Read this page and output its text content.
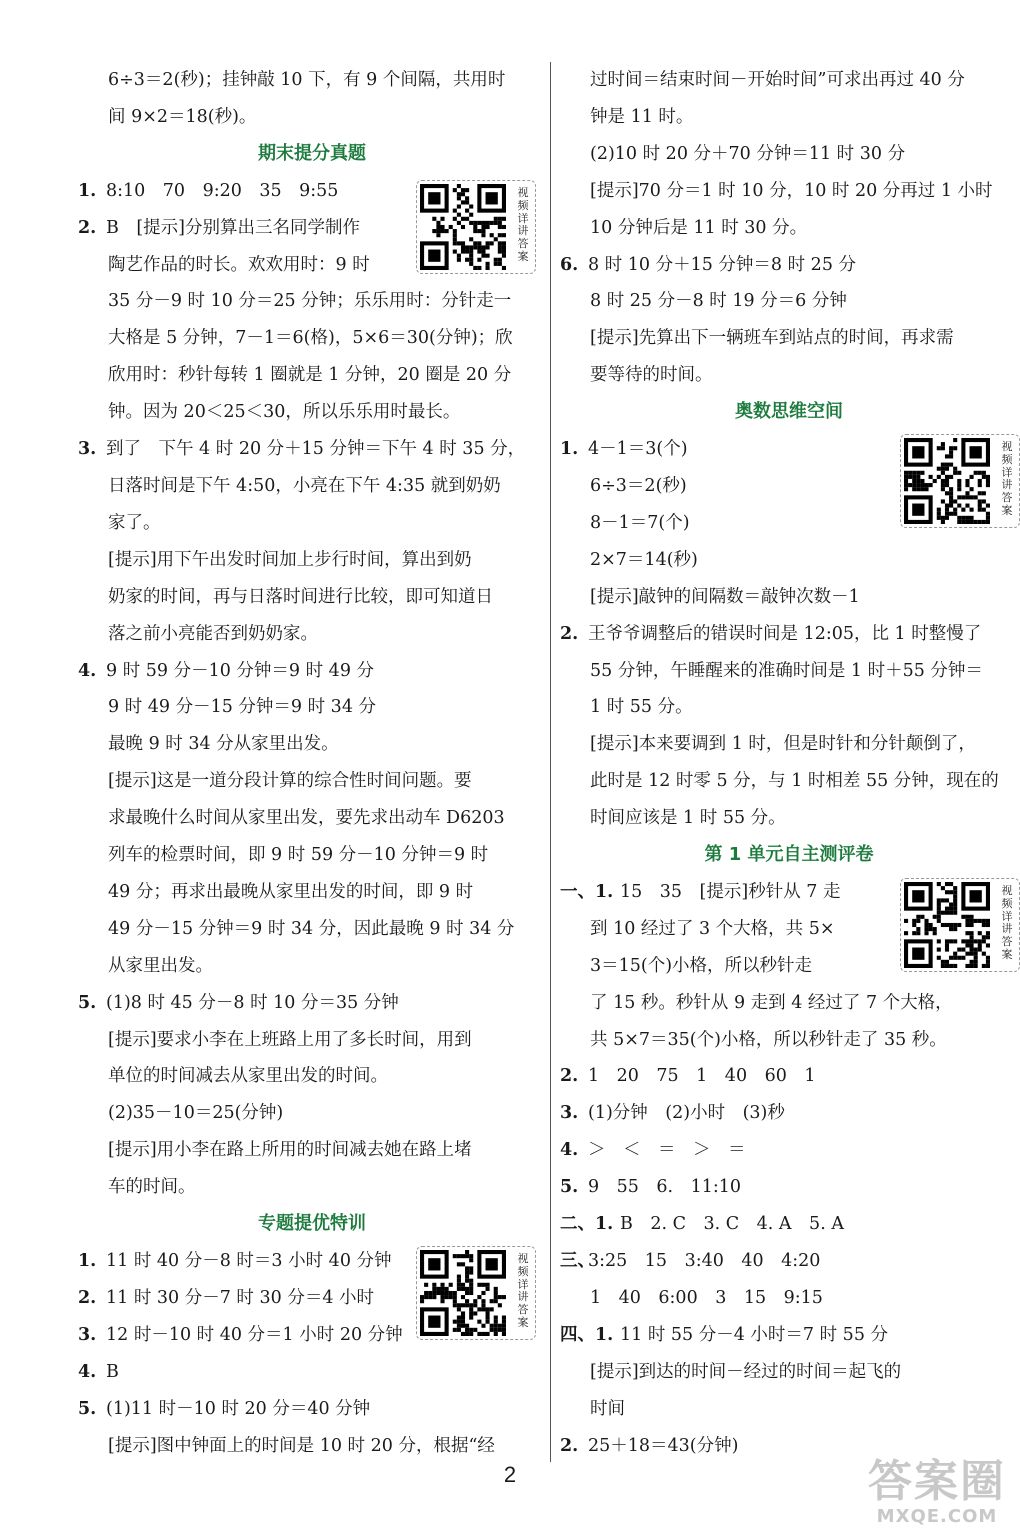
6÷3＝2(秒)；挂钟敲 10 下，有 9 个间隔，共用时
间 9×2＝18(秒)。
期末提分真题
1. 8:10　70　9:20　35　9:55
2. B　[提示]分别算出三名同学制作
陶艺作品的时长。欢欢用时：9 时
35 分－9 时 10 分＝25 分钟；乐乐用时：分针走一
大格是 5 分钟，7－1＝6(格)，5×6＝30(分钟)；欣
欣用时：秒针每转 1 圈就是 1 分钟，20 圈是 20 分
钟。因为 20＜25＜30，所以乐乐用时最长。
3. 到了　下午 4 时 20 分＋15 分钟＝下午 4 时 35 分，
日落时间是下午 4:50，小亮在下午 4:35 就到奶奶
家了。
[提示]用下午出发时间加上步行时间，算出到奶
奶家的时间，再与日落时间进行比较，即可知道日
落之前小亮能否到奶奶家。
4. 9 时 59 分－10 分钟＝9 时 49 分
9 时 49 分－15 分钟＝9 时 34 分
最晚 9 时 34 分从家里出发。
[提示]这是一道分段计算的综合性时间问题。要
求最晚什么时间从家里出发，要先求出动车 D6203
列车的检票时间，即 9 时 59 分－10 分钟＝9 时
49 分；再求出最晚从家里出发的时间，即 9 时
49 分－15 分钟＝9 时 34 分，因此最晚 9 时 34 分
从家里出发。
5. (1)8 时 45 分－8 时 10 分＝35 分钟
[提示]要求小李在上班路上用了多长时间，用到
单位的时间减去从家里出发的时间。
(2)35－10＝25(分钟)
[提示]用小李在路上所用的时间减去她在路上堵
车的时间。
专题提优特训
1. 11 时 40 分－8 时＝3 小时 40 分钟
2. 11 时 30 分－7 时 30 分＝4 小时
3. 12 时－10 时 40 分＝1 小时 20 分钟
4. B
5. (1)11 时－10 时 20 分＝40 分钟
[提示]图中钟面上的时间是 10 时 20 分，根据“经
过时间＝结束时间－开始时间”可求出再过 40 分
钟是 11 时。
(2)10 时 20 分＋70 分钟＝11 时 30 分
[提示]70 分＝1 时 10 分，10 时 20 分再过 1 小时
10 分钟后是 11 时 30 分。
6. 8 时 10 分＋15 分钟＝8 时 25 分
8 时 25 分－8 时 19 分＝6 分钟
[提示]先算出下一辆班车到站点的时间，再求需
要等待的时间。
奥数思维空间
1. 4－1＝3(个)
6÷3＝2(秒)
8－1＝7(个)
2×7＝14(秒)
[提示]敲钟的间隔数＝敲钟次数－1
2. 王爷爷调整后的错误时间是 12:05，比 1 时整慢了
55 分钟，午睡醒来的准确时间是 1 时＋55 分钟＝
1 时 55 分。
[提示]本来要调到 1 时，但是时针和分针颠倒了，
此时是 12 时零 5 分，与 1 时相差 55 分钟，现在的
时间应该是 1 时 55 分。
第 1 单元自主测评卷
一、1. 15　35　[提示]秒针从 7 走
到 10 经过了 3 个大格，共 5×
3＝15(个)小格，所以秒针走
了 15 秒。秒针从 9 走到 4 经过了 7 个大格，
共 5×7＝35(个)小格，所以秒针走了 35 秒。
2. 1　20　75　1　40　60　1
3. (1)分钟　(2)小时　(3)秒
4. ＞　＜　＝　＞　＝
5. 9　55　6.　11:10
二、1. B　2. C　3. C　4. A　5. A
三、3:25　15　3:40　40　4:20
1　40　6:00　3　15　9:15
四、1. 11 时 55 分－4 小时＝7 时 55 分
[提示]到达的时间－经过的时间＝起飞的
时间
2. 25＋18＝43(分钟)
视频详讲答案
视频详讲答案
视频详讲答案
视频详讲答案
2	答案圈
MXQE.COM
